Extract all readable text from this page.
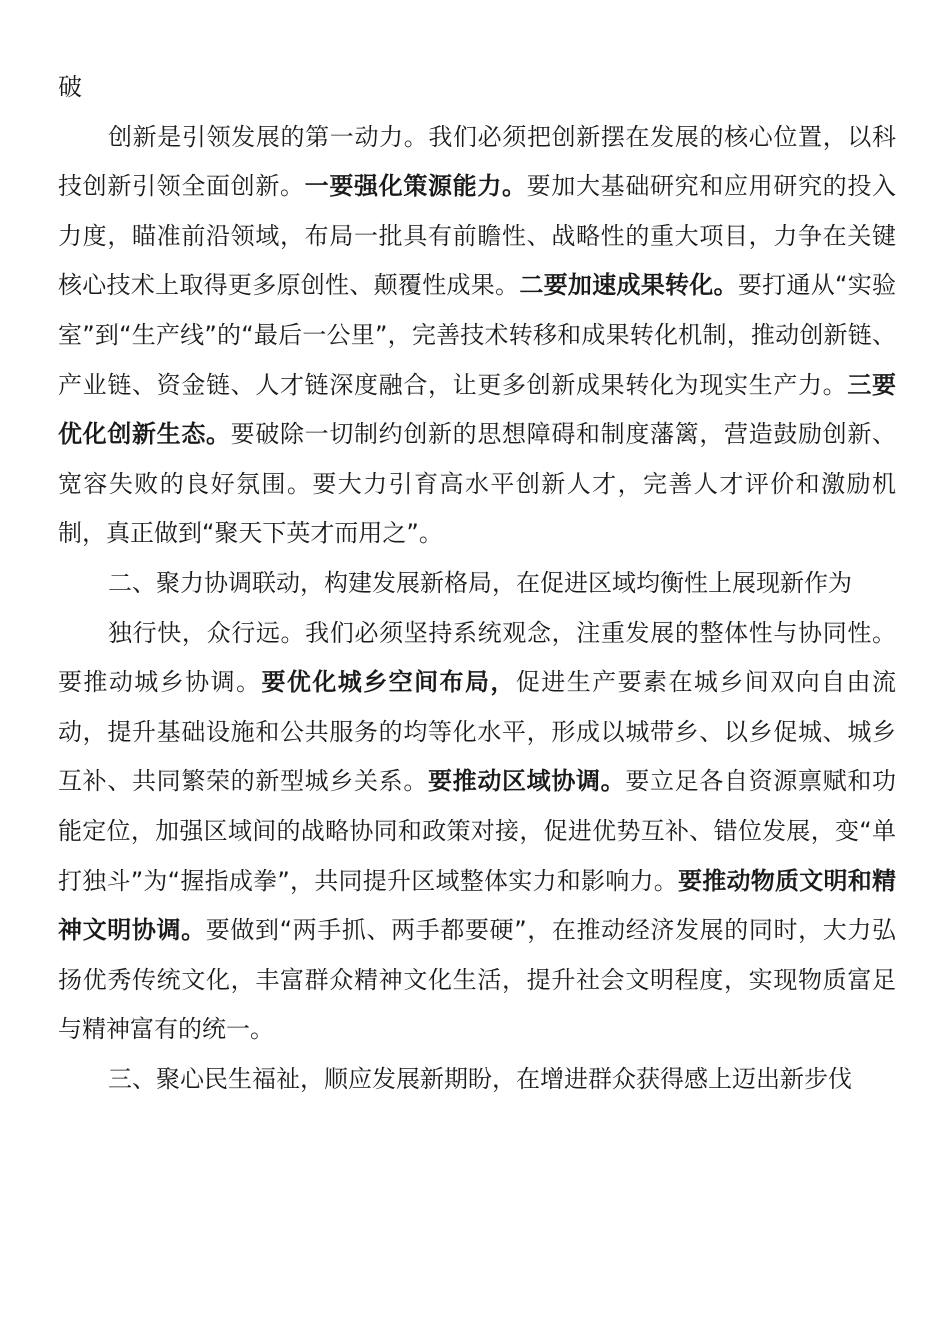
破

创新是引领发展的第一动力。我们必须把创新摆在发展的核心位置，以科技创新引领全面创新。一要强化策源能力。要加大基础研究和应用研究的投入力度，瞄准前沿领域，布局一批具有前瞻性、战略性的重大项目，力争在关键核心技术上取得更多原创性、颠覆性成果。二要加速成果转化。要打通从“实验室”到“生产线”的“最后一公里”，完善技术转移和成果转化机制，推动创新链、产业链、资金链、人才链深度融合，让更多创新成果转化为现实生产力。三要优化创新生态。要破除一切制约创新的思想障碍和制度藩篱，营造鼓励创新、宽容失败的良好氛围。要大力引育高水平创新人才，完善人才评价和激励机制，真正做到“聚天下英才而用之”。

二、聚力协调联动，构建发展新格局，在促进区域均衡性上展现新作为

独行快，众行远。我们必须坚持系统观念，注重发展的整体性与协同性。要推动城乡协调。要优化城乡空间布局，促进生产要素在城乡间双向自由流动，提升基础设施和公共服务的均等化水平，形成以城带乡、以乡促城、城乡互补、共同繁荣的新型城乡关系。要推动区域协调。要立足各自资源禀赋和功能定位，加强区域间的战略协同和政策对接，促进优势互补、错位发展，变“单打独斗”为“握指成拳”，共同提升区域整体实力和影响力。要推动物质文明和精神文明协调。要做到“两手抓、两手都要硬”，在推动经济发展的同时，大力弘扬优秀传统文化，丰富群众精神文化生活，提升社会文明程度，实现物质富足与精神富有的统一。

三、聚心民生福祉，顺应发展新期盼，在增进群众获得感上迈出新步伐
